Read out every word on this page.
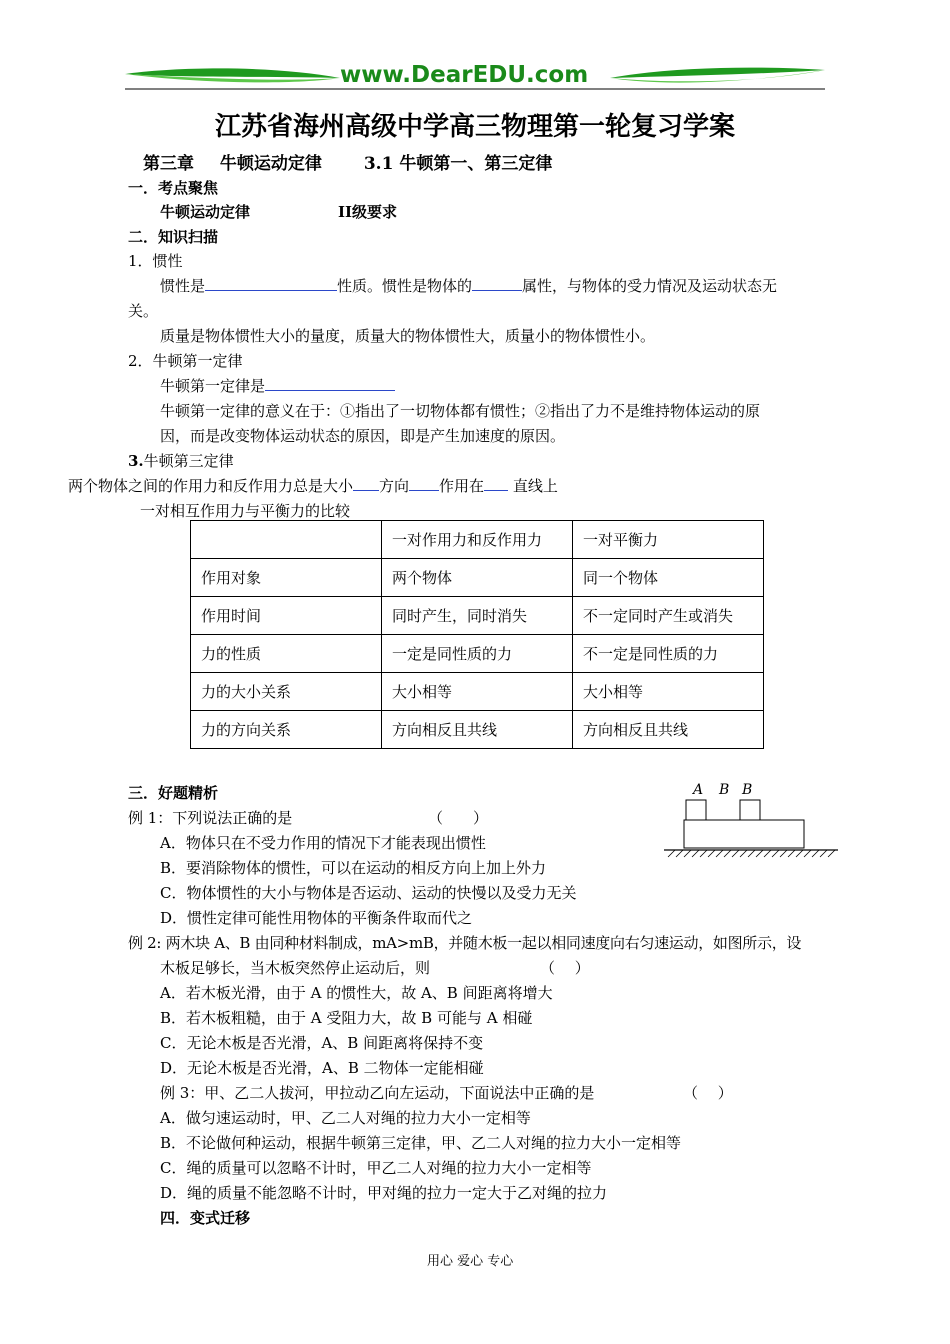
www.DearEDU.com
江苏省海州高级中学高三物理第一轮复习学案
第三章 牛顿运动定律 3.1 牛顿第一、第三定律
一．考点聚焦
牛顿运动定律	II级要求
二．知识扫描
1．惯性
惯性是	性质。惯性是物体的	属性，与物体的受力情况及运动状态无
关。
质量是物体惯性大小的量度，质量大的物体惯性大，质量小的物体惯性小。
2．牛顿第一定律
牛顿第一定律是
牛顿第一定律的意义在于：①指出了一切物体都有惯性；②指出了力不是维持物体运动的原
因，而是改变物体运动状态的原因，即是产生加速度的原因。
3.牛顿第三定律
两个物体之间的作用力和反作用力总是大小 方向 作用在 直线上
一对相互作用力与平衡力的比较
	一对作用力和反作用力	一对平衡力
作用对象	两个物体	同一个物体
作用时间	同时产生，同时消失	不一定同时产生或消失
力的性质	一定是同性质的力	不一定是同性质的力
力的大小关系	大小相等	大小相等
力的方向关系	方向相反且共线	方向相反且共线
三．好题精析	A B B
例 1：下列说法正确的是	（　　）
A．物体只在不受力作用的情况下才能表现出惯性
B．要消除物体的惯性，可以在运动的相反方向上加上外力
C．物体惯性的大小与物体是否运动、运动的快慢以及受力无关
D．惯性定律可能性用物体的平衡条件取而代之
例 2: 两木块 A、B 由同种材料制成，mA>mB，并随木板一起以相同速度向右匀速运动，如图所示，设
木板足够长，当木板突然停止运动后，则	（　 ）
A．若木板光滑，由于 A 的惯性大，故 A、B 间距离将增大
B．若木板粗糙，由于 A 受阻力大，故 B 可能与 A 相碰
C．无论木板是否光滑，A、B 间距离将保持不变
D．无论木板是否光滑，A、B 二物体一定能相碰
例 3：甲、乙二人拔河，甲拉动乙向左运动，下面说法中正确的是	（　 ）
A．做匀速运动时，甲、乙二人对绳的拉力大小一定相等
B．不论做何种运动，根据牛顿第三定律，甲、乙二人对绳的拉力大小一定相等
C．绳的质量可以忽略不计时，甲乙二人对绳的拉力大小一定相等
D．绳的质量不能忽略不计时，甲对绳的拉力一定大于乙对绳的拉力
四．变式迁移
用心 爱心 专心
